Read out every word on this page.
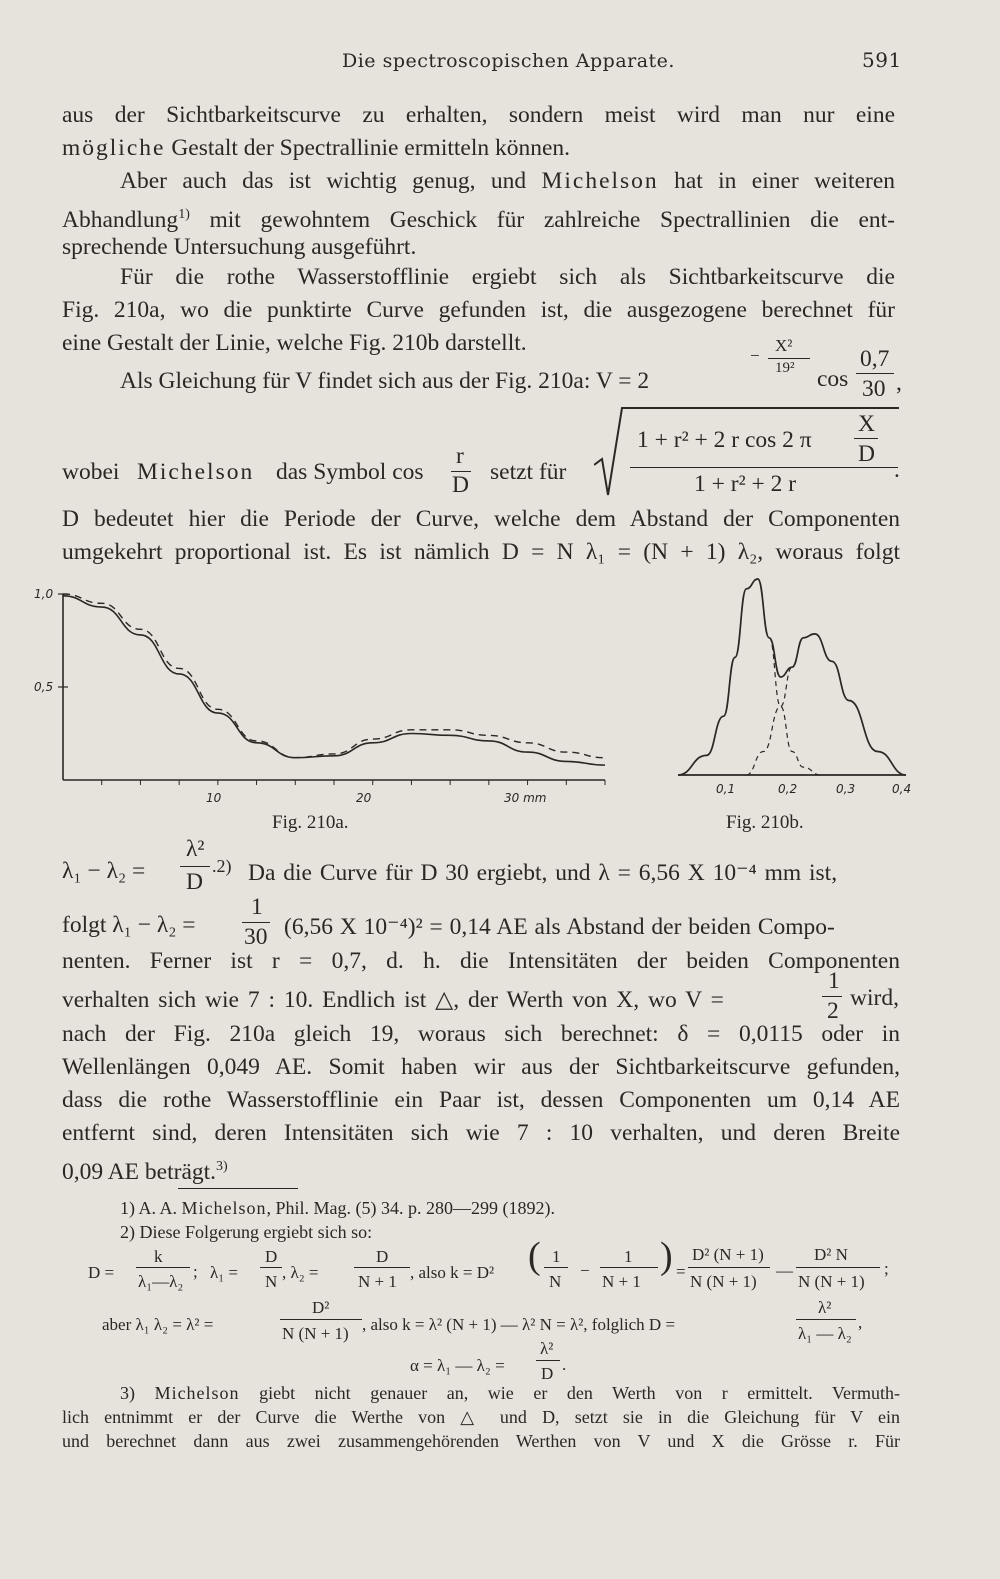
Die spectroscopischen Apparate.	591
aus der Sichtbarkeitscurve zu erhalten, sondern meist wird man nur eine
mögliche Gestalt der Spectrallinie ermitteln können.
Aber auch das ist wichtig genug, und Michelson hat in einer weiteren
Abhandlung$^{1)}$ mit gewohntem Geschick für zahlreiche Spectrallinien die ent-
sprechende Untersuchung ausgeführt.
Für die rothe Wasserstofflinie ergiebt sich als Sichtbarkeitscurve die
Fig. 210a, wo die punktirte Curve gefunden ist, die ausgezogene berechnet für
eine Gestalt der Linie, welche Fig. 210b darstellt.
Als Gleichung für V findet sich aus der Fig. 210a: V = 2
X²
−
19² cos
0,7
30 ,
wobei Michelson das Symbol cos
r
D setzt für
1 + r² + 2 r cos 2 π
X
D
1 + r² + 2 r
.
D bedeutet hier die Periode der Curve, welche dem Abstand der Componenten
umgekehrt proportional ist. Es ist nämlich D = N λ₁ = (N + 1) λ₂, woraus folgt
1,0
0,5
10	20	30 mm
Fig. 210a.
0,1	0,2	0,3	0,4
Fig. 210b.
λ₁ − λ₂ =
λ²
D
.2) Da die Curve für D 30 ergiebt, und λ = 6,56 X 10⁻⁴ mm ist,
folgt λ₁ − λ₂ =
1
30 (6,56 X 10⁻⁴)² = 0,14 AE als Abstand der beiden Compo-
nenten. Ferner ist r = 0,7, d. h. die Intensitäten der beiden Componenten
verhalten sich wie 7 : 10. Endlich ist △, der Werth von X, wo V =
1
2 wird,
nach der Fig. 210a gleich 19, woraus sich berechnet: δ = 0,0115 oder in
Wellenlängen 0,049 AE. Somit haben wir aus der Sichtbarkeitscurve gefunden,
dass die rothe Wasserstofflinie ein Paar ist, dessen Componenten um 0,14 AE
entfernt sind, deren Intensitäten sich wie 7 : 10 verhalten, und deren Breite
0,09 AE beträgt.$^{3)}$
1) A. A. Michelson, Phil. Mag. (5) 34. p. 280—299 (1892).
2) Diese Folgerung ergiebt sich so:
D =
k
λ₁—λ₂
; λ₁ =
D
N , λ₂ =
D
N + 1 , also k = D² ( 1
N
−
1
N + 1
) =
D² (N + 1)
N (N + 1)
—
D² N
N (N + 1)
;
aber λ₁ λ₂ = λ² =
D²
N (N + 1) , also k = λ² (N + 1) — λ² N = λ², folglich D =
λ²
λ₁ — λ₂
,
α = λ₁ — λ₂ =
λ²
D .
3) Michelson giebt nicht genauer an, wie er den Werth von r ermittelt. Vermuth-
lich entnimmt er der Curve die Werthe von △ und D, setzt sie in die Gleichung für V ein
und berechnet dann aus zwei zusammengehörenden Werthen von V und X die Grösse r. Für
